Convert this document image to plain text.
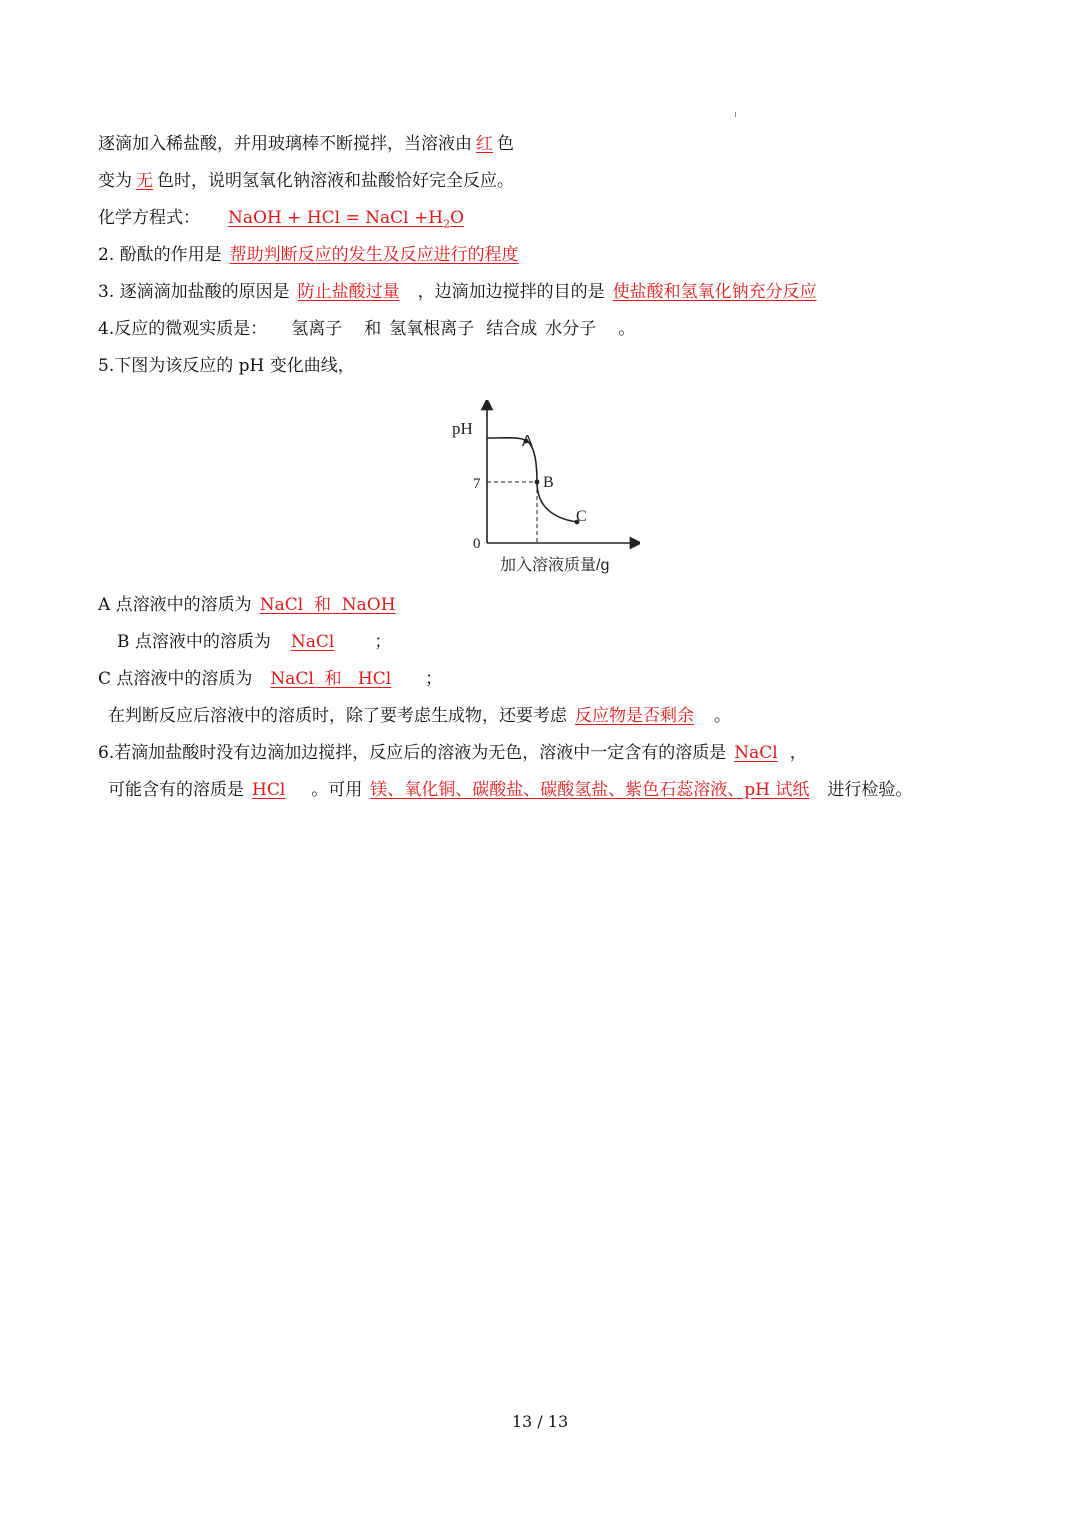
逐滴加入稀盐酸，并用玻璃棒不断搅拌，当溶液由 红 色
变为 无 色时，说明氢氧化钠溶液和盐酸恰好完全反应。
化学方程式： NaOH + HCl = NaCl $+H_2O$
2. 酚酞的作用是 帮助判断反应的发生及反应进行的程度
3. 逐滴滴加盐酸的原因是 防止盐酸过量 ，边滴加边搅拌的目的是 使盐酸和氢氧化钠充分反应
4.反应的微观实质是： 氢离子 和 氢氧根离子 结合成 水分子 。
5.下图为该反应的 pH 变化曲线，
pH
7
0
A
B
C
加入溶液质量/g
A 点溶液中的溶质为 NaCl  和  NaOH
B 点溶液中的溶质为 NaCl ；
C 点溶液中的溶质为 NaCl  和   HCl ；
在判断反应后溶液中的溶质时，除了要考虑生成物，还要考虑 反应物是否剩余 。
6.若滴加盐酸时没有边滴加边搅拌，反应后的溶液为无色，溶液中一定含有的溶质是 NaCl ，
可能含有的溶质是 HCl 。可用 镁、氧化铜、碳酸盐、碳酸氢盐、紫色石蕊溶液、pH 试纸 进行检验。
13 / 13
